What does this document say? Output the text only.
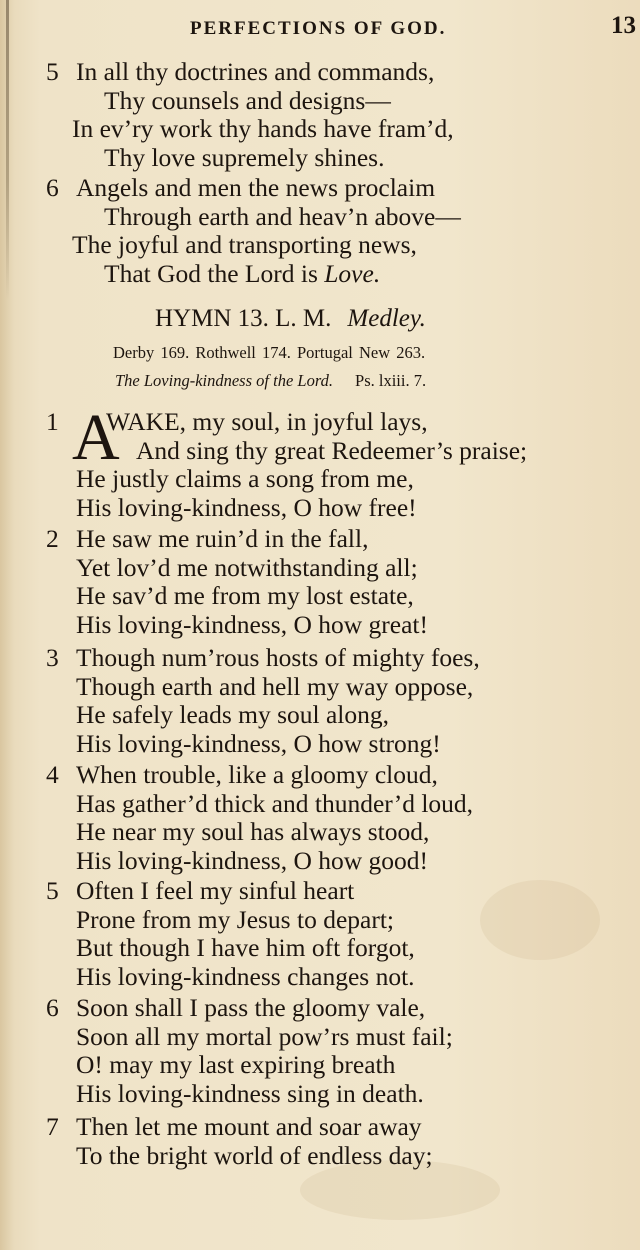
PERFECTIONS OF GOD.	13
5 In all thy doctrines and commands,
Thy counsels and designs—
In ev’ry work thy hands have fram’d,
Thy love supremely shines.
6 Angels and men the news proclaim
Through earth and heav’n above—
The joyful and transporting news,
That God the Lord is Love.
HYMN 13. L. M. Medley.
Derby 169. Rothwell 174. Portugal New 263.
The Loving-kindness of the Lord. Ps. lxiii. 7.
A
1 WAKE, my soul, in joyful lays,
And sing thy great Redeemer’s praise;
He justly claims a song from me,
His loving-kindness, O how free!
2 He saw me ruin’d in the fall,
Yet lov’d me notwithstanding all;
He sav’d me from my lost estate,
His loving-kindness, O how great!
3 Though num’rous hosts of mighty foes,
Though earth and hell my way oppose,
He safely leads my soul along,
His loving-kindness, O how strong!
4 When trouble, like a gloomy cloud,
Has gather’d thick and thunder’d loud,
He near my soul has always stood,
His loving-kindness, O how good!
5 Often I feel my sinful heart
Prone from my Jesus to depart;
But though I have him oft forgot,
His loving-kindness changes not.
6 Soon shall I pass the gloomy vale,
Soon all my mortal pow’rs must fail;
O! may my last expiring breath
His loving-kindness sing in death.
7 Then let me mount and soar away
To the bright world of endless day;
